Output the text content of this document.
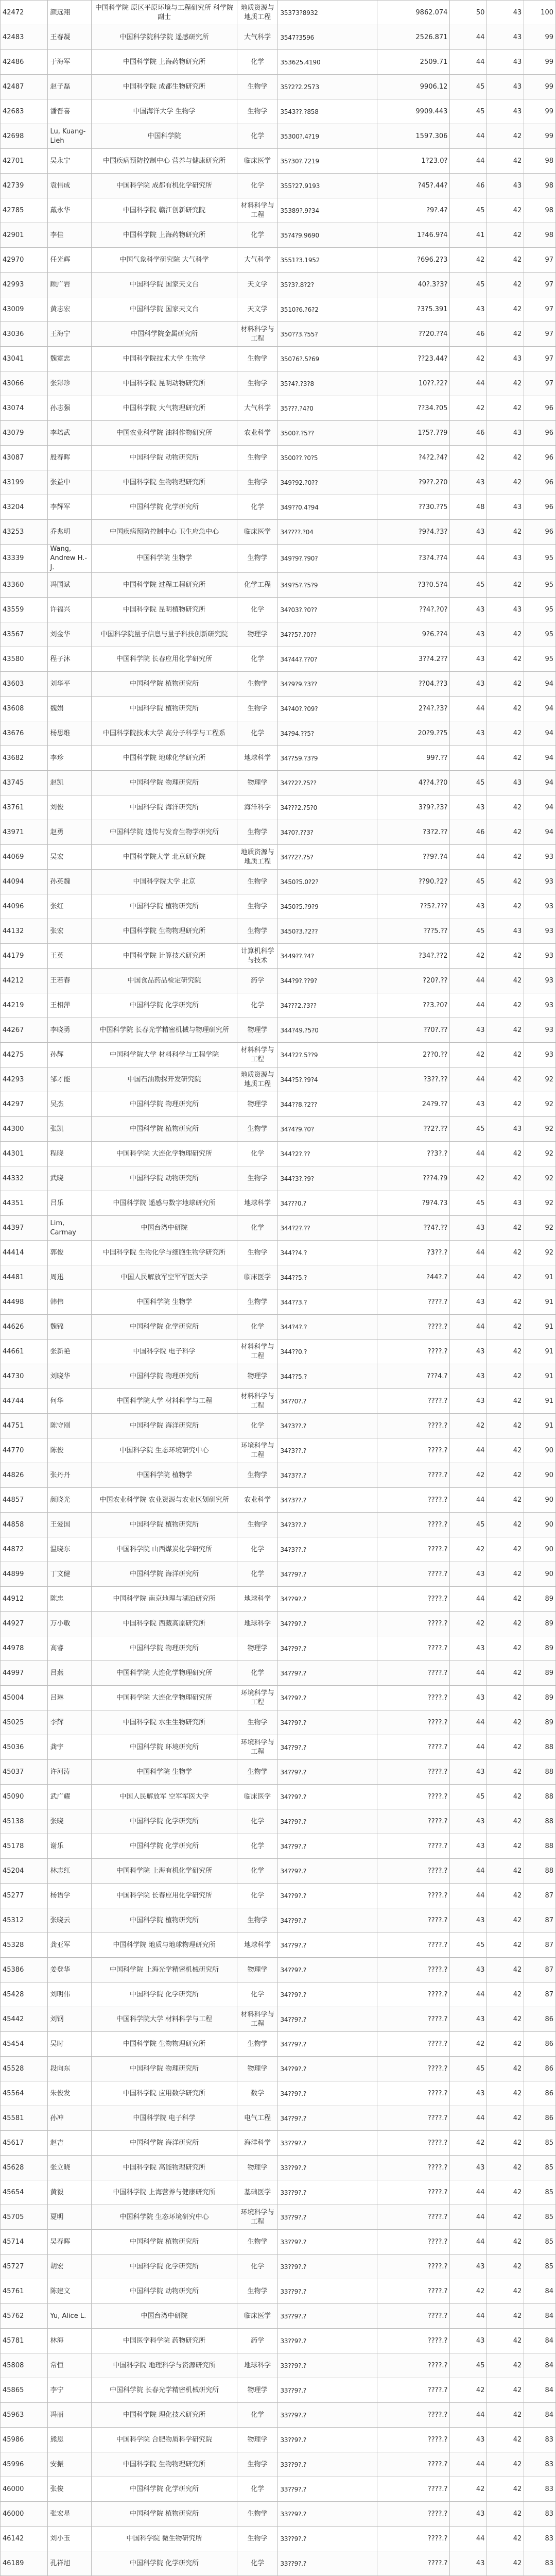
42472	颜远翔	中国科学院 原区平原环境与工程研究所 科学院副士	地质资源与地质工程	35373?8932	9862.074	50	43	100
42483	王春凝	中国科学院科学院 遥感研究所	大气科学	3547?3596	2526.871	44	43	99
42486	于海军	中国科学院 上海药物研究所	化学	353625.4190	2509.71	44	43	99
42487	赵子磊	中国科学院 成都生物研究所	生物学	35?2?2.2573	9906.12	45	43	99
42683	潘晋喜	中国海洋大学 生物学	生物学	3543??.?858	9909.443	45	43	99
42698	Lu, Kuang-Lieh	中国科学院	化学	35300?.4?19	1597.306	44	42	99
42701	吴永宁	中国疾病预防控制中心 营养与健康研究所	临床医学	35?30?.7219	1?23.0?	44	42	98
42739	袁伟成	中国科学院 成都有机化学研究所	化学	355?27.9193	?45?.44?	46	43	98
42785	戴永华	中国科学院 赣江创新研究院	材料科学与工程	35389?.9?34	?9?.4?	45	42	98
42901	李佳	中国科学院 上海药物研究所	化学	35?4?9.9690	1?46.9?4	41	42	98
42970	任光辉	中国气象科学研究院 大气科学	大气科学	3551?3.1952	?696.2?3	42	42	97
42993	顾广岩	中国科学院 国家天文台	天文学	35?3?.8?2?	40?.3?3?	45	42	97
43009	黄志宏	中国科学院 国家天文台	天文学	3510?6.?6?2	?3?5.391	43	42	97
43036	王海宁	中国科学院金属研究所	材料科学与工程	350??3.?55?	??20.??4	46	42	97
43041	魏霓忠	中国科学院技术大学 生物学	生物学	35076?.5?69	??23.44?	42	43	97
43066	张彩珍	中国科学院 昆明动物研究所	生物学	35?4?.?3?8	10??.?2?	44	42	97
43074	孙志强	中国科学院 大气物理研究所	大气科学	35???.?4?0	??34.?05	42	42	96
43079	李培武	中国农业科学院 油料作物研究所	农业科学	3500?.?5??	1?5?.7?9	46	43	96
43087	殷春晖	中国科学院 动物研究所	生物学	3500??.?0?5	?4?2.?4?	42	42	96
43199	张益中	中国科学院 生物物理研究所	生物学	349?92.?0??	?9??.2?0	43	42	96
43204	李辉军	中国科学院 化学研究所	化学	349??0.4?94	??30.??5	48	43	96
43253	乔兆明	中国疾病预防控制中心 卫生应急中心	临床医学	34????.?04	?9?4.?3?	43	42	96
43339	Wang, Andrew H.-J.	中国科学院 生物学	生物学	349?9?.?90?	?3?4.??4	44	43	95
43360	冯国斌	中国科学院 过程工程研究所	化学工程	349?5?.?5?9	?3?0.5?4	45	42	95
43559	许福兴	中国科学院 昆明植物研究所	化学	34?03?.?0??	??4?.?0?	43	43	95
43567	刘金华	中国科学院量子信息与量子科技创新研究院	物理学	34??5?.?0??	9?6.??4	43	42	95
43580	程子沐	中国科学院 长春应用化学研究所	化学	34?44?.??0?	3??4.2??	43	42	95
43603	刘华平	中国科学院 植物研究所	生物学	34?9?9.?3??	??04.??3	43	42	94
43608	魏娟	中国科学院 植物研究所	生物学	34?40?.?09?	2?4?.?3?	44	42	94
43676	杨思维	中国科学院技术大学 高分子科学与工程系	化学	34?94.??5?	20?9.??5	43	42	94
43682	李珍	中国科学院 地球化学研究所	地球科学	34??59.?3?9	99?.??	44	42	94
43745	赵凯	中国科学院 物理研究所	物理学	34??2?.?5??	4??4.??0	45	43	94
43761	刘俊	中国科学院 海洋研究所	海洋科学	34???2.?5?0	3?9?.?3?	43	42	94
43971	赵勇	中国科学院 遗传与发育生物学研究所	生物学	34?0?.??3?	?3?2.??	46	42	94
44069	吴宏	中国科学院大学 北京研究院	地质资源与地质工程	34??2?.?5?	??9?.?4	44	42	93
44094	孙英魏	中国科学院大学 北京	生物学	3450?5.0?2?	??90.?2?	45	42	93
44096	张红	中国科学院 植物研究所	生物学	3450?5.?9?9	??5?.???	43	42	93
44132	张宏	中国科学院 生物物理研究所	生物学	3450?3.?2??	???5.??	45	43	93
44179	王英	中国科学院 计算技术研究所	计算机科学与技术	3449??.?4?	?34?.??2	42	42	93
44212	王若春	中国食品药品检定研究院	药学	344?9?.??9?	?20?.??	44	42	93
44219	王相萍	中国科学院 化学研究所	化学	34???2.?3??	??3.?0?	44	42	93
44267	李晓勇	中国科学院 长春光学精密机械与物理研究所	物理学	344?49.?5?0	??0?.??	43	42	93
44275	孙辉	中国科学院大学 材料科学与工程学院	材料科学与工程	344?2?.5??9	2??0.??	42	42	93
44293	邹才能	中国石油勘探开发研究院	地质资源与地质工程	344?5?.?9?4	?3??.??	44	42	92
44297	吴杰	中国科学院 物理研究所	物理学	344??8.?2??	24?9.??	43	42	92
44300	张凯	中国科学院 植物研究所	生物学	34?4?9.?0?	??2?.??	45	43	92
44301	程晓	中国科学院 大连化学物理研究所	化学	344?2?.??	??3?.?	44	42	92
44332	武晓	中国科学院 动物研究所	生物学	344?3?.?9?	???4.?9	42	42	92
44351	吕乐	中国科学院 遥感与数字地球研究所	地球科学	34???0.?	?9?4.?3	45	43	92
44397	Lim, Carmay	中国台湾中研院	化学	344?2?.??	??4?.??	43	42	92
44414	郭俊	中国科学院 生物化学与细胞生物学研究所	生物学	344??4.?	?3??.?	44	42	92
44481	周迅	中国人民解放军空军军医大学	临床医学	344??5.?	?44?.?	44	42	91
44498	韩伟	中国科学院 生物学	生物学	344??3.?	????.?	43	42	91
44626	魏锦	中国科学院 化学研究所	化学	344?4?.?	????.?	44	42	91
44661	张新艳	中国科学院 电子科学	材料科学与工程	344??0.?	????.?	43	42	91
44730	刘晓华	中国科学院 物理研究所	物理学	344??5.?	???4.?	43	42	91
44744	何华	中国科学院大学 材料科学与工程	材料科学与工程	34??0?.?	????.?	43	42	91
44751	陈守刚	中国科学院 海洋研究所	化学	34?3??.?	????.?	42	42	91
44770	陈俊	中国科学院 生态环境研究中心	环境科学与工程	34?3??.?	????.?	44	42	90
44826	张丹丹	中国科学院 植物学	生物学	34?3??.?	????.?	42	42	90
44857	颜晓光	中国农业科学院 农业资源与农业区划研究所	农业科学	34?3??.?	????.?	44	42	90
44858	王爱国	中国科学院 植物研究所	生物学	34?3??.?	????.?	45	42	90
44872	温晓东	中国科学院 山西煤炭化学研究所	化学	34?3??.?	????.?	42	42	90
44899	丁文健	中国科学院 海洋研究所	化学	34??9?.?	????.?	43	42	90
44912	陈忠	中国科学院 南京地理与湖泊研究所	地球科学	34??9?.?	????.?	44	42	89
44927	万小敏	中国科学院 西藏高原研究所	地球科学	34??9?.?	????.?	42	42	89
44978	高睿	中国科学院 物理研究所	物理学	34??9?.?	????.?	43	42	89
44997	吕燕	中国科学院 大连化学物理研究所	化学	34??9?.?	????.?	44	42	89
45004	吕琳	中国科学院 大连化学物理研究所	环境科学与工程	34??9?.?	????.?	43	42	89
45025	李辉	中国科学院 水生生物研究所	生物学	34??9?.?	????.?	44	42	89
45036	龚宇	中国科学院 环境研究所	环境科学与工程	34??9?.?	????.?	44	42	88
45037	许河涛	中国科学院 生物学	生物学	34??9?.?	????.?	43	42	88
45090	武广耀	中国人民解放军 空军军医大学	临床医学	34??9?.?	????.?	45	42	88
45138	张晓	中国科学院 化学研究所	化学	34??9?.?	????.?	43	42	88
45178	谢乐	中国科学院 化学研究所	化学	34??9?.?	????.?	43	42	88
45204	林志红	中国科学院 上海有机化学研究所	化学	34??9?.?	????.?	44	42	88
45277	杨语学	中国科学院 长春应用化学研究所	化学	34??9?.?	????.?	44	42	87
45312	张晓云	中国科学院 植物研究所	生物学	34??9?.?	????.?	43	42	87
45328	龚亚军	中国科学院 地质与地球物理研究所	地球科学	34??9?.?	????.?	45	42	87
45386	姜登华	中国科学院 上海光学精密机械研究所	物理学	34??9?.?	????.?	43	42	87
45428	刘明伟	中国科学院 化学研究所	化学	34??9?.?	????.?	44	42	87
45442	刘钢	中国科学院大学 材料科学与工程	材料科学与工程	34??9?.?	????.?	43	42	86
45454	吴时	中国科学院 生物物理研究所	生物学	34??9?.?	????.?	42	42	86
45528	段向东	中国科学院 物理研究所	物理学	34??9?.?	????.?	45	42	86
45564	朱俊发	中国科学院 应用数学研究所	数学	34??9?.?	????.?	43	42	86
45581	孙冲	中国科学院 电子科学	电气工程	34??9?.?	????.?	44	42	86
45617	赵吉	中国科学院 海洋研究所	海洋科学	33??9?.?	????.?	42	42	85
45628	张立晓	中国科学院 高能物理研究所	物理学	33??9?.?	????.?	43	42	85
45654	黄毅	中国科学院 上海营养与健康研究所	基础医学	33??9?.?	????.?	44	42	85
45705	夏明	中国科学院 生态环境研究中心	环境科学与工程	33??9?.?	????.?	44	42	85
45714	吴春晖	中国科学院 植物研究所	生物学	33??9?.?	????.?	44	42	85
45727	胡宏	中国科学院 化学研究所	化学	33??9?.?	????.?	43	42	85
45761	陈建文	中国科学院 动物研究所	生物学	33??9?.?	????.?	42	42	84
45762	Yu, Alice L.	中国台湾中研院	临床医学	33??9?.?	????.?	44	42	84
45781	林海	中国医学科学院 药物研究所	药学	33??9?.?	????.?	43	42	84
45808	常恒	中国科学院 地理科学与资源研究所	地球科学	33??9?.?	????.?	45	42	84
45865	李宁	中国科学院 长春光学精密机械研究所	物理学	33??9?.?	????.?	42	42	84
45963	冯丽	中国科学院 理化技术研究所	化学	33??9?.?	????.?	44	42	84
45986	熊恩	中国科学院 合肥物质科学研究院	物理学	33??9?.?	????.?	43	42	83
45996	安振	中国科学院 生物物理研究所	生物学	33??9?.?	????.?	44	42	83
46000	张俊	中国科学院 化学研究所	化学	33??9?.?	????.?	42	42	83
46000	张宏星	中国科学院 植物研究所	生物学	33??9?.?	????.?	43	42	83
46142	刘小玉	中国科学院 微生物研究所	生物学	33??9?.?	????.?	44	42	83
46189	孔祥旭	中国科学院 化学研究所	化学	33??9?.?	????.?	43	42	83
